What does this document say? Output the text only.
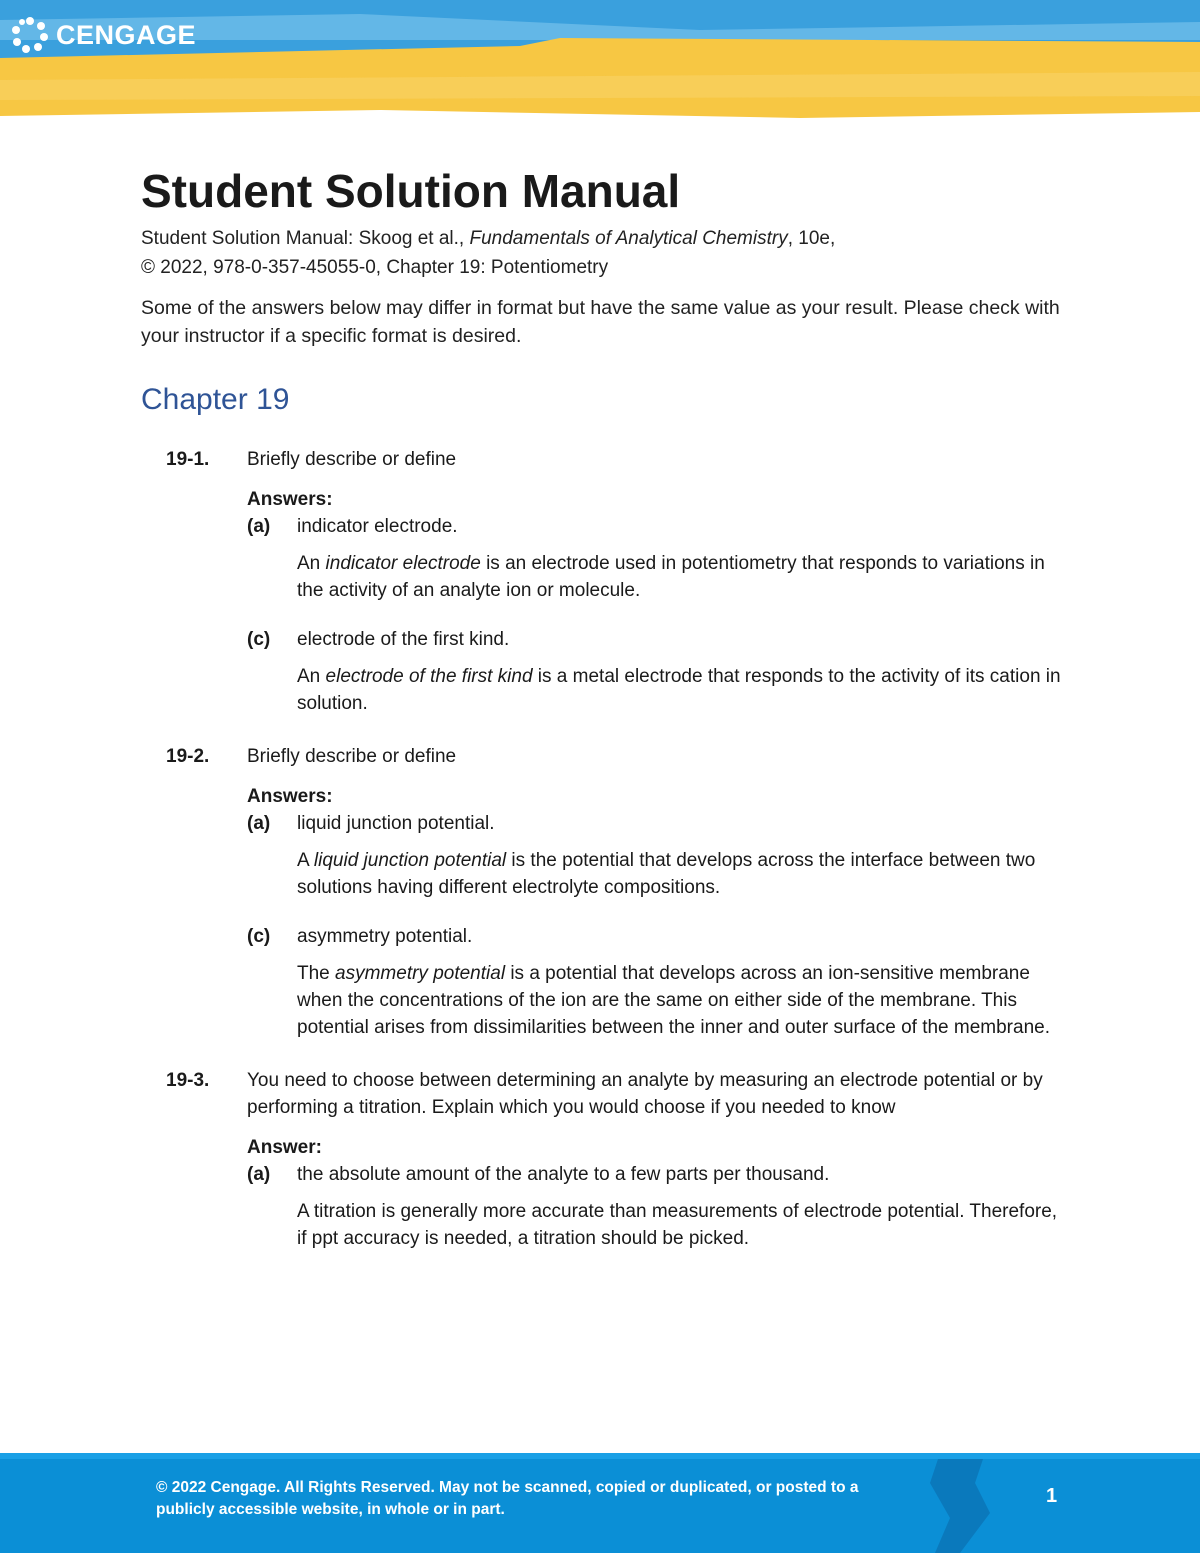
CENGAGE
Student Solution Manual
Student Solution Manual: Skoog et al., Fundamentals of Analytical Chemistry, 10e,
© 2022, 978-0-357-45055-0, Chapter 19: Potentiometry
Some of the answers below may differ in format but have the same value as your result. Please check with your instructor if a specific format is desired.
Chapter 19
19-1. Briefly describe or define
Answers:
(a) indicator electrode.
An indicator electrode is an electrode used in potentiometry that responds to variations in the activity of an analyte ion or molecule.
(c) electrode of the first kind.
An electrode of the first kind is a metal electrode that responds to the activity of its cation in solution.
19-2. Briefly describe or define
Answers:
(a) liquid junction potential.
A liquid junction potential is the potential that develops across the interface between two solutions having different electrolyte compositions.
(c) asymmetry potential.
The asymmetry potential is a potential that develops across an ion-sensitive membrane when the concentrations of the ion are the same on either side of the membrane. This potential arises from dissimilarities between the inner and outer surface of the membrane.
19-3. You need to choose between determining an analyte by measuring an electrode potential or by performing a titration. Explain which you would choose if you needed to know
Answer:
(a) the absolute amount of the analyte to a few parts per thousand.
A titration is generally more accurate than measurements of electrode potential. Therefore, if ppt accuracy is needed, a titration should be picked.
© 2022 Cengage. All Rights Reserved. May not be scanned, copied or duplicated, or posted to a publicly accessible website, in whole or in part.
1
